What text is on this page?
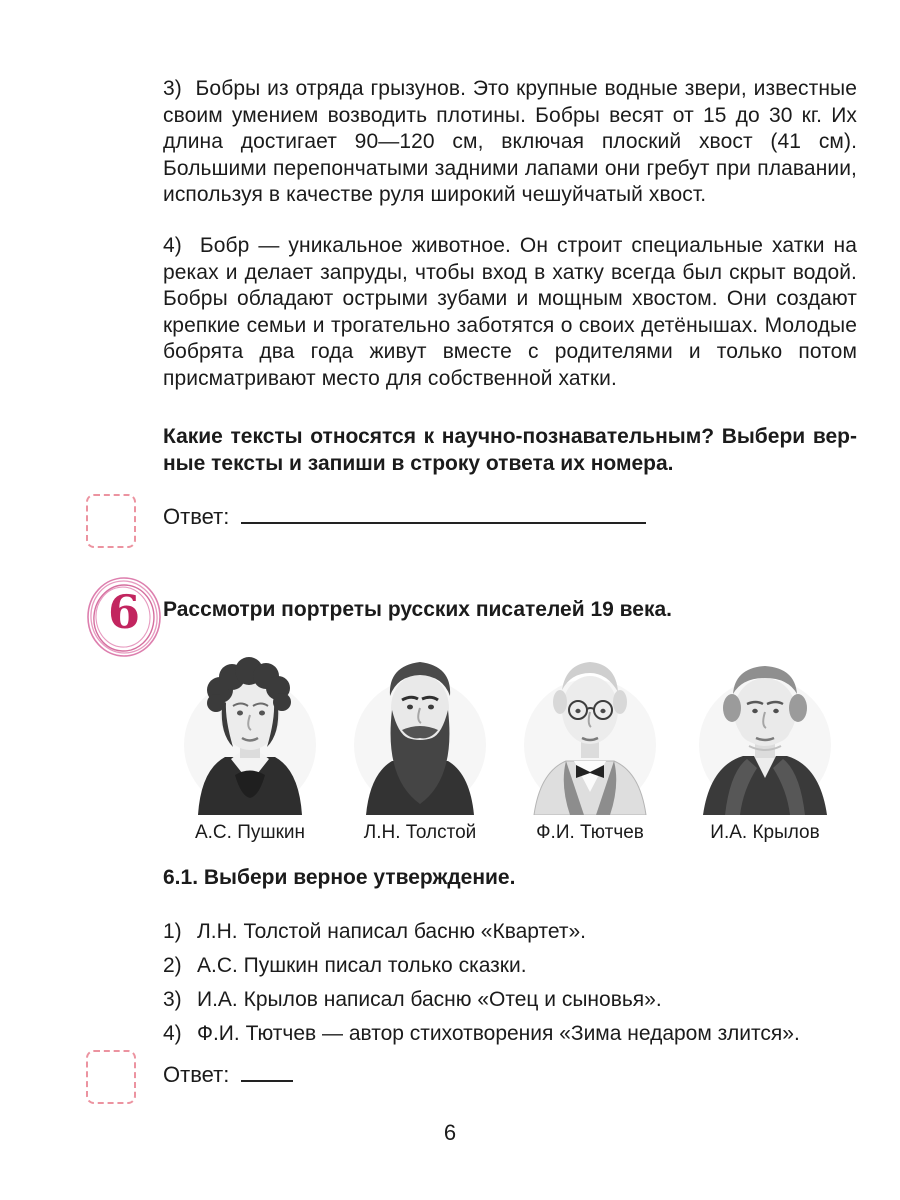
3)  Бобры из отряда грызунов. Это крупные водные звери, известные своим умением возводить плотины. Бобры весят от 15 до 30 кг. Их длина достигает 90—120 см, включая плоский хвост (41 см). Большими перепончатыми задними лапами они гребут при плавании, используя в качестве руля широкий чешуйчатый хвост.
4)  Бобр — уникальное животное. Он строит специальные хатки на реках и делает запруды, чтобы вход в хатку всегда был скрыт водой. Бобры обладают острыми зубами и мощным хвостом. Они создают крепкие семьи и трогательно заботятся о своих детёнышах. Молодые бобрята два года живут вместе с родителями и только потом присматривают место для собственной хатки.
Какие тексты относятся к научно-познавательным? Выбери вер-
ные тексты и запиши в строку ответа их номера.
Ответ:
6	Рассмотри портреты русских писателей 19 века.
А.С. Пушкин	Л.Н. Толстой	Ф.И. Тютчев	И.А. Крылов
6.1. Выбери верное утверждение.
1) Л.Н. Толстой написал басню «Квартет».
2) А.С. Пушкин писал только сказки.
3) И.А. Крылов написал басню «Отец и сыновья».
4) Ф.И. Тютчев — автор стихотворения «Зима недаром злится».
Ответ:
6
